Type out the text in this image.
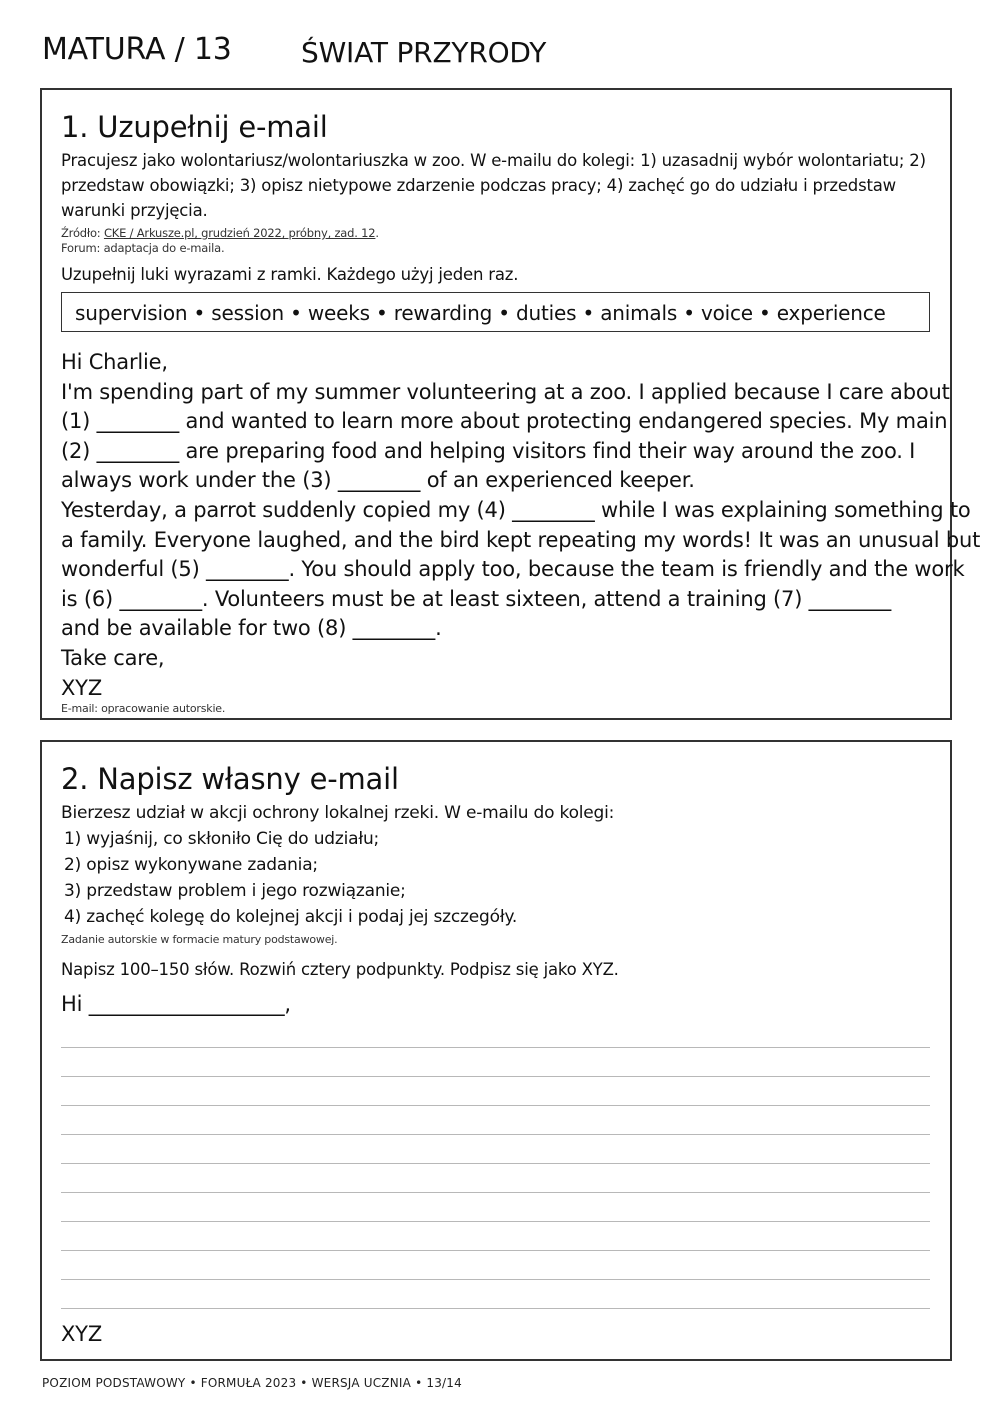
MATURA / 13 ŚWIAT PRZYRODY
1. Uzupełnij e-mail
Pracujesz jako wolontariusz/wolontariuszka w zoo. W e-mailu do kolegi: 1) uzasadnij wybór wolontariatu; 2) przedstaw obowiązki; 3) opisz nietypowe zdarzenie podczas pracy; 4) zachęć go do udziału i przedstaw warunki przyjęcia.
Źródło: CKE / Arkusze.pl, grudzień 2022, próbny, zad. 12.
Forum: adaptacja do e-maila.
Uzupełnij luki wyrazami z ramki. Każdego użyj jeden raz.
supervision • session • weeks • rewarding • duties • animals • voice • experience
Hi Charlie,
I'm spending part of my summer volunteering at a zoo. I applied because I care about
(1) ________ and wanted to learn more about protecting endangered species. My main
(2) ________ are preparing food and helping visitors find their way around the zoo. I
always work under the (3) ________ of an experienced keeper.
Yesterday, a parrot suddenly copied my (4) ________ while I was explaining something to
a family. Everyone laughed, and the bird kept repeating my words! It was an unusual but
wonderful (5) ________. You should apply too, because the team is friendly and the work
is (6) ________. Volunteers must be at least sixteen, attend a training (7) ________
and be available for two (8) ________.
Take care,
XYZ
E-mail: opracowanie autorskie.
2. Napisz własny e-mail
Bierzesz udział w akcji ochrony lokalnej rzeki. W e-mailu do kolegi:
1) wyjaśnij, co skłoniło Cię do udziału;
2) opisz wykonywane zadania;
3) przedstaw problem i jego rozwiązanie;
4) zachęć kolegę do kolejnej akcji i podaj jej szczegóły.
Zadanie autorskie w formacie matury podstawowej.
Napisz 100–150 słów. Rozwiń cztery podpunkty. Podpisz się jako XYZ.
Hi ___________________,
XYZ
POZIOM PODSTAWOWY • FORMUŁA 2023 • WERSJA UCZNIA • 13/14
